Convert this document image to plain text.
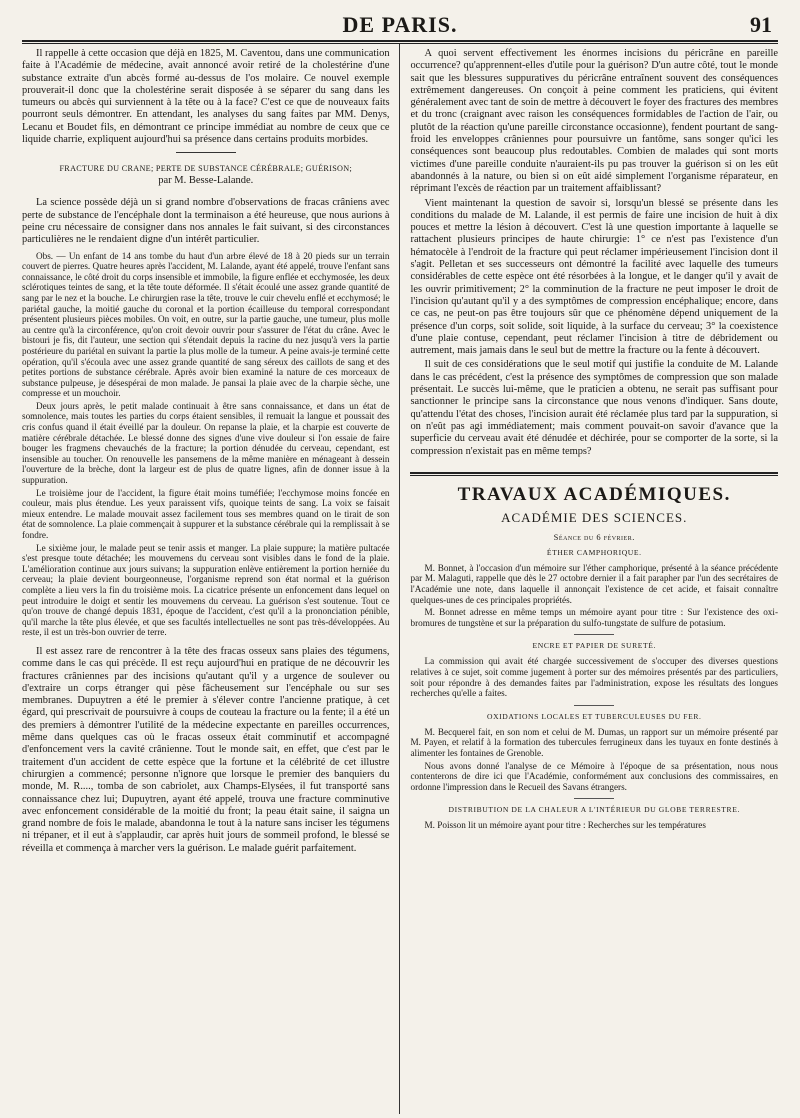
DE PARIS.	91

Il rappelle à cette occasion que déjà en 1825, M. Caventou, dans une communication faite à l'Académie de médecine, avait annoncé avoir retiré de la cholestérine d'une substance extraite d'un abcès formé au-dessus de l'os molaire. Ce nouvel exemple prouverait-il donc que la cholestérine serait disposée à se séparer du sang dans les tumeurs ou abcès qui surviennent à la tête ou à la face? C'est ce que de nouveaux faits pourront seuls démontrer. En attendant, les analyses du sang faites par MM. Denys, Lecanu et Boudet fils, en démontrant ce principe immédiat au nombre de ceux que ce liquide charrie, expliquent aujourd'hui sa présence dans certains produits morbides.

FRACTURE DU CRANE; PERTE DE SUBSTANCE CÉRÉBRALE; GUÉRISON;
par M. Besse-Lalande.

La science possède déjà un si grand nombre d'observations de fracas crâniens avec perte de substance de l'encéphale dont la terminaison a été heureuse, que nous aurions à peine cru nécessaire de consigner dans nos annales le fait suivant, si des circonstances particulières ne le rendaient digne d'un intérêt particulier.

Obs. — Un enfant de 14 ans tombe du haut d'un arbre élevé de 18 à 20 pieds sur un terrain couvert de pierres. Quatre heures après l'accident, M. Lalande, ayant été appelé, trouve l'enfant sans connaissance, le côté droit du corps insensible et immobile, la figure enflée et ecchymosée, les deux sclérotiques teintes de sang, et la tête toute déformée. Il s'était écoulé une assez grande quantité de sang par le nez et la bouche. Le chirurgien rase la tête, trouve le cuir chevelu enflé et ecchymosé; le pariétal gauche, la moitié gauche du coronal et la portion écailleuse du temporal correspondant présentent plusieurs pièces mobiles. On voit, en outre, sur la partie gauche, une tumeur, plus molle au centre qu'à la circonférence, qu'on croit devoir ouvrir pour s'assurer de l'état du crâne. Avec le bistouri je fis, dit l'auteur, une section qui s'étendait depuis la racine du nez jusqu'à vers la partie postérieure du pariétal en suivant la partie la plus molle de la tumeur. A peine avais-je terminé cette opération, qu'il s'écoula avec une assez grande quantité de sang séreux des caillots de sang et des petites portions de substance cérébrale. Après avoir bien examiné la nature de ces morceaux de substance pulpeuse, je désespérai de mon malade. Je pansai la plaie avec de la charpie sèche, une compresse et un mouchoir.

Deux jours après, le petit malade continuait à être sans connaissance, et dans un état de somnolence, mais toutes les parties du corps étaient sensibles, il remuait la langue et poussait des cris confus quand il était éveillé par la douleur. On repanse la plaie, et la charpie est couverte de matière cérébrale détachée. Le blessé donne des signes d'une vive douleur si l'on essaie de faire bouger les fragmens chevauchés de la fracture; la portion dénudée du cerveau, cependant, est insensible au toucher. On renouvelle les pansemens de la même manière en ménageant à dessein l'ouverture de la brèche, dont la largeur est de plus de quatre lignes, afin de donner issue à la suppuration.

Le troisième jour de l'accident, la figure était moins tuméfiée; l'ecchymose moins foncée en couleur, mais plus étendue. Les yeux paraissent vifs, quoique teints de sang. La voix se faisait mieux entendre. Le malade mouvait assez facilement tous ses membres quand on le tirait de son état de somnolence. La plaie commençait à suppurer et la substance cérébrale qui la remplissait à se fondre.

Le sixième jour, le malade peut se tenir assis et manger. La plaie suppure; la matière pultacée s'est presque toute détachée; les mouvemens du cerveau sont visibles dans le fond de la plaie. L'amélioration continue aux jours suivans; la suppuration enlève entièrement la portion herniée du cerveau; la plaie devient bourgeonneuse, l'organisme reprend son état normal et la guérison complète a lieu vers la fin du troisième mois. La cicatrice présente un enfoncement dans lequel on peut introduire le doigt et sentir les mouvemens du cerveau. La guérison s'est soutenue. Tout ce qu'on trouve de changé depuis 1831, époque de l'accident, c'est qu'il a la prononciation pénible, qu'il marche la tête plus élevée, et que ses facultés intellectuelles ne sont pas très-développées. Au reste, il est un très-bon ouvrier de terre.

Il est assez rare de rencontrer à la tête des fracas osseux sans plaies des tégumens, comme dans le cas qui précède. Il est reçu aujourd'hui en pratique de ne découvrir les fractures crâniennes par des incisions qu'autant qu'il y a urgence de soulever ou d'extraire un corps étranger qui pèse fâcheusement sur l'encéphale ou sur ses membranes. Dupuytren a été le premier à s'élever contre l'ancienne pratique, à cet égard, qui prescrivait de poursuivre à coups de couteau la fracture ou la fente; il a été un des premiers à démontrer l'utilité de la médecine expectante en pareilles occurrences, même dans quelques cas où le fracas osseux était comminutif et accompagné d'enfoncement vers la cavité crânienne. Tout le monde sait, en effet, que c'est par le traitement d'un accident de cette espèce que la fortune et la célébrité de cet illustre chirurgien a commencé; personne n'ignore que lorsque le premier des banquiers du monde, M. R...., tomba de son cabriolet, aux Champs-Elysées, il fut transporté sans connaissance chez lui; Dupuytren, ayant été appelé, trouva une fracture comminutive avec enfoncement considérable de la moitié du front; la peau était saine, il saigna un grand nombre de fois le malade, abandonna le tout à la nature sans inciser les tégumens ni trépaner, et il eut à s'applaudir, car après huit jours de sommeil profond, le blessé se réveilla et commença à marcher vers la guérison. Le malade guérit parfaitement.

A quoi servent effectivement les énormes incisions du péricrâne en pareille occurrence? qu'apprennent-elles d'utile pour la guérison? D'un autre côté, tout le monde sait que les blessures suppuratives du péricrâne entraînent souvent des conséquences extrêmement dangereuses. On conçoit à peine comment les praticiens, qui évitent généralement avec tant de soin de mettre à découvert le foyer des fractures des membres et du tronc (craignant avec raison les conséquences formidables de l'action de l'air, ou plutôt de la réaction qu'une pareille circonstance occasionne), fendent pourtant de sang-froid les enveloppes crâniennes pour poursuivre un fantôme, sans songer qu'ici les conséquences sont beaucoup plus redoutables. Combien de malades qui sont morts victimes d'une pareille conduite n'auraient-ils pu pas trouver la guérison si on les eût abandonnés à la nature, ou bien si on eût aidé simplement l'organisme réparateur, en réprimant l'excès de réaction par un traitement affaiblissant?

Vient maintenant la question de savoir si, lorsqu'un blessé se présente dans les conditions du malade de M. Lalande, il est permis de faire une incision de huit à dix pouces et mettre la lésion à découvert. C'est là une question importante à laquelle se rattachent plusieurs principes de haute chirurgie: 1° ce n'est pas l'existence d'un hématocèle à l'endroit de la fracture qui peut réclamer impérieusement l'incision dont il s'agit. Pelletan et ses successeurs ont démontré la facilité avec laquelle des tumeurs considérables de cette espèce ont été résorbées à la longue, et le danger qu'il y avait de les ouvrir primitivement; 2° la comminution de la fracture ne peut imposer le droit de l'incision qu'autant qu'il y a des symptômes de compression encéphalique; encore, dans ce cas, ne peut-on pas être toujours sûr que ce phénomène dépend uniquement de la présence d'un corps, soit solide, soit liquide, à la surface du cerveau; 3° la coexistence d'une plaie contuse, cependant, peut réclamer l'incision à titre de débridement ou autrement, mais jamais dans le seul but de mettre la fracture ou la fente à découvert.

Il suit de ces considérations que le seul motif qui justifie la conduite de M. Lalande dans le cas précédent, c'est la présence des symptômes de compression que son malade présentait. Le succès lui-même, que le praticien a obtenu, ne serait pas suffisant pour sanctionner le principe sans la circonstance que nous venons d'indiquer. Sans doute, qu'attendu l'état des choses, l'incision aurait été réclamée plus tard par la suppuration, si on n'eût pas agi immédiatement; mais comment pouvait-on savoir d'avance que la superficie du cerveau avait été dénudée et déchirée, pour se comporter de la sorte, si la compression n'existait pas en même temps?

TRAVAUX ACADÉMIQUES.
ACADÉMIE DES SCIENCES.
Séance du 6 février.
ÉTHER CAMPHORIQUE.

M. Bonnet, à l'occasion d'un mémoire sur l'éther camphorique, présenté à la séance précédente par M. Malaguti, rappelle que dès le 27 octobre dernier il a fait parapher par l'un des secrétaires de l'Académie une note, dans laquelle il annonçait l'existence de cet acide, et faisait connaître quelques-unes de ces principales propriétés.

M. Bonnet adresse en même temps un mémoire ayant pour titre : Sur l'existence des oxi-bromures de tungstène et sur la préparation du sulfo-tungstate de sulfure de potasium.

ENCRE ET PAPIER DE SURETÉ.

La commission qui avait été chargée successivement de s'occuper des diverses questions relatives à ce sujet, soit comme jugement à porter sur des mémoires présentés par des particuliers, soit pour répondre à des demandes faites par l'administration, expose les résultats des longues recherches qu'elle a faites.

OXIDATIONS LOCALES ET TUBERCULEUSES DU FER.

M. Becquerel fait, en son nom et celui de M. Dumas, un rapport sur un mémoire présenté par M. Payen, et relatif à la formation des tubercules ferrugineux dans les tuyaux en fonte destinés à alimenter les fontaines de Grenoble.

Nous avons donné l'analyse de ce Mémoire à l'époque de sa présentation, nous nous contenterons de dire ici que l'Académie, conformément aux conclusions des commissaires, en ordonne l'impression dans le Recueil des Savans étrangers.

DISTRIBUTION DE LA CHALEUR A L'INTÉRIEUR DU GLOBE TERRESTRE.

M. Poisson lit un mémoire ayant pour titre : Recherches sur les températures
